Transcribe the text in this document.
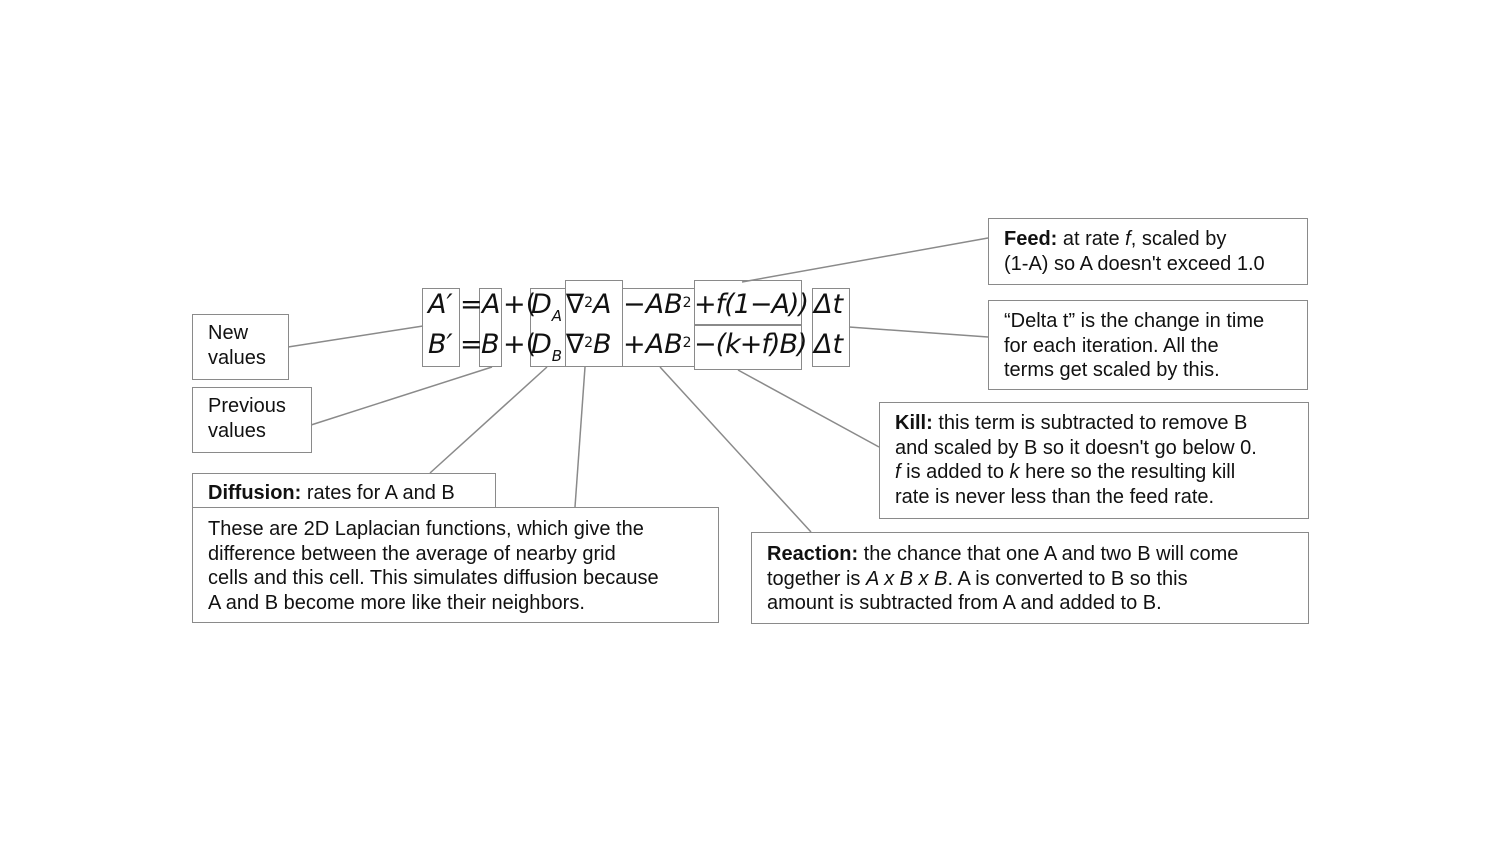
A′ = A +(
$D_A$ $\nabla^2A -AB^2 +f(1-A)$) Δt
B′ =
B +(
$D_B$ $\nabla^2B +AB^2 -(k+f)B$) Δt
New
values
Previous
values
Diffusion: rates for A and B
These are 2D Laplacian functions, which give the
difference between the average of nearby grid
cells and this cell. This simulates diffusion because
A and B become more like their neighbors.
Feed: at rate f, scaled by
(1-A) so A doesn't exceed 1.0
“Delta t” is the change in time
for each iteration. All the
terms get scaled by this.
Kill: this term is subtracted to remove B
and scaled by B so it doesn't go below 0.
f is added to k here so the resulting kill
rate is never less than the feed rate.
Reaction: the chance that one A and two B will come
together is A x B x B. A is converted to B so this
amount is subtracted from A and added to B.
